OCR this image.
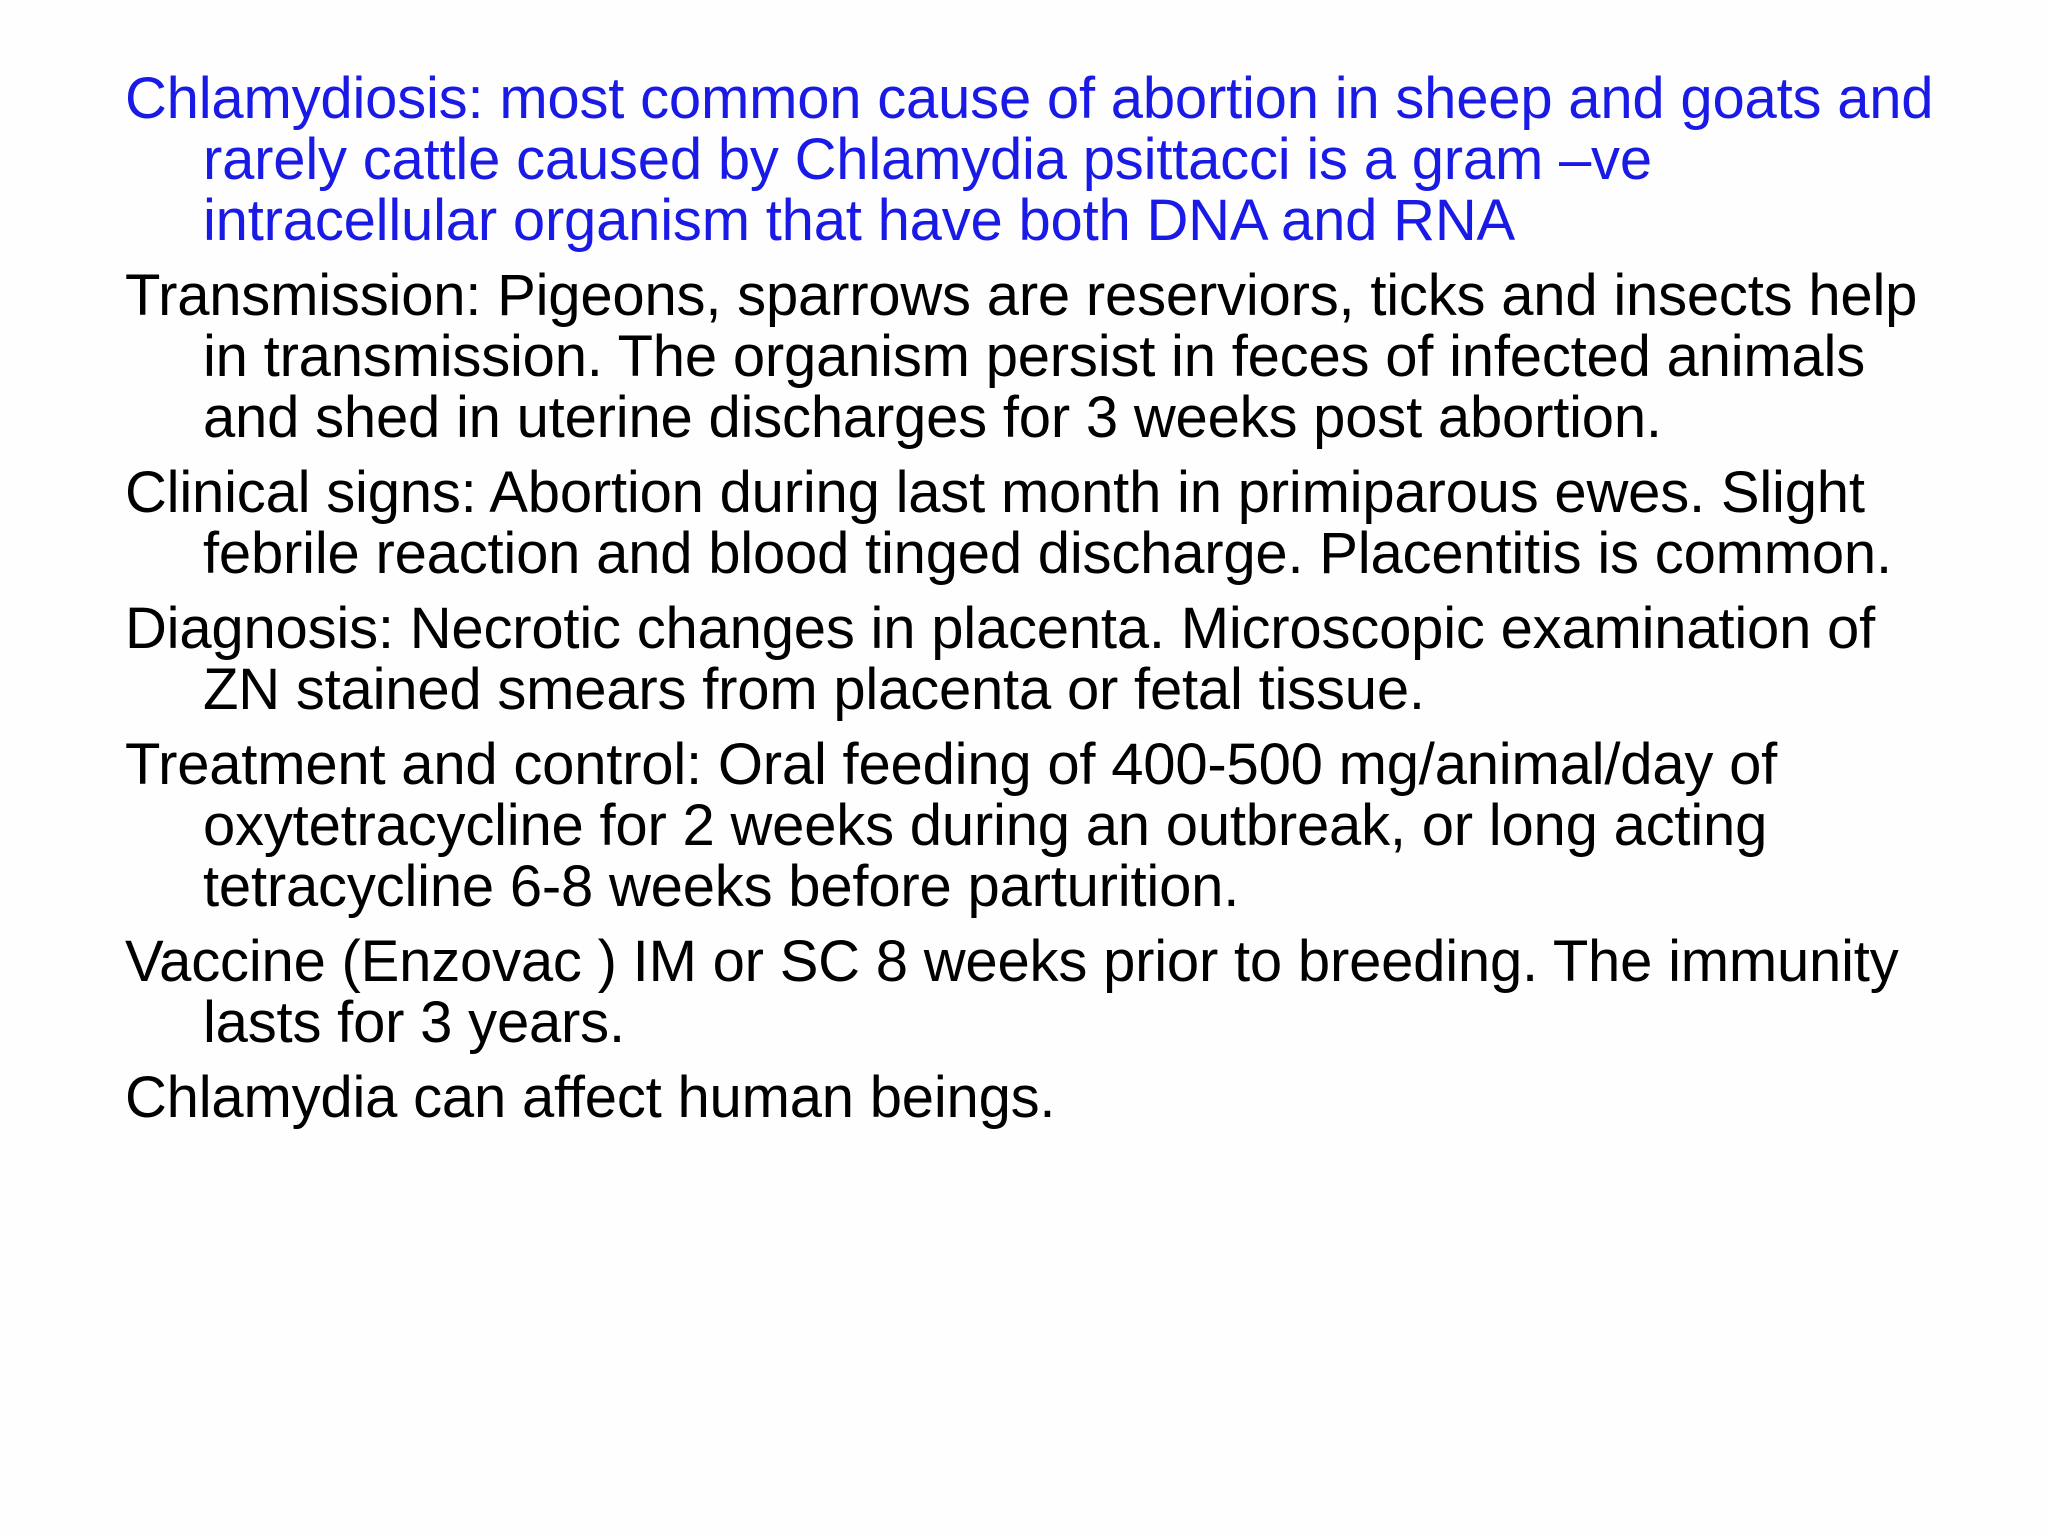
Chlamydiosis: most common cause of abortion in sheep and goats and rarely cattle caused by Chlamydia psittacci is a gram –ve intracellular organism that have both DNA and RNA

Transmission: Pigeons, sparrows are reserviors, ticks and insects help in transmission. The organism persist in feces of infected animals and shed in uterine discharges for 3 weeks post abortion.

Clinical signs: Abortion during last month in primiparous ewes. Slight febrile reaction and blood tinged discharge. Placentitis is common.

Diagnosis: Necrotic changes in placenta. Microscopic examination of ZN stained smears from placenta or fetal tissue.

Treatment and control: Oral feeding of 400-500 mg/animal/day of oxytetracycline for 2 weeks during an outbreak, or long acting tetracycline 6-8 weeks before parturition.

Vaccine (Enzovac ) IM or SC 8 weeks prior to breeding. The immunity lasts for 3 years.

Chlamydia can affect human beings.
